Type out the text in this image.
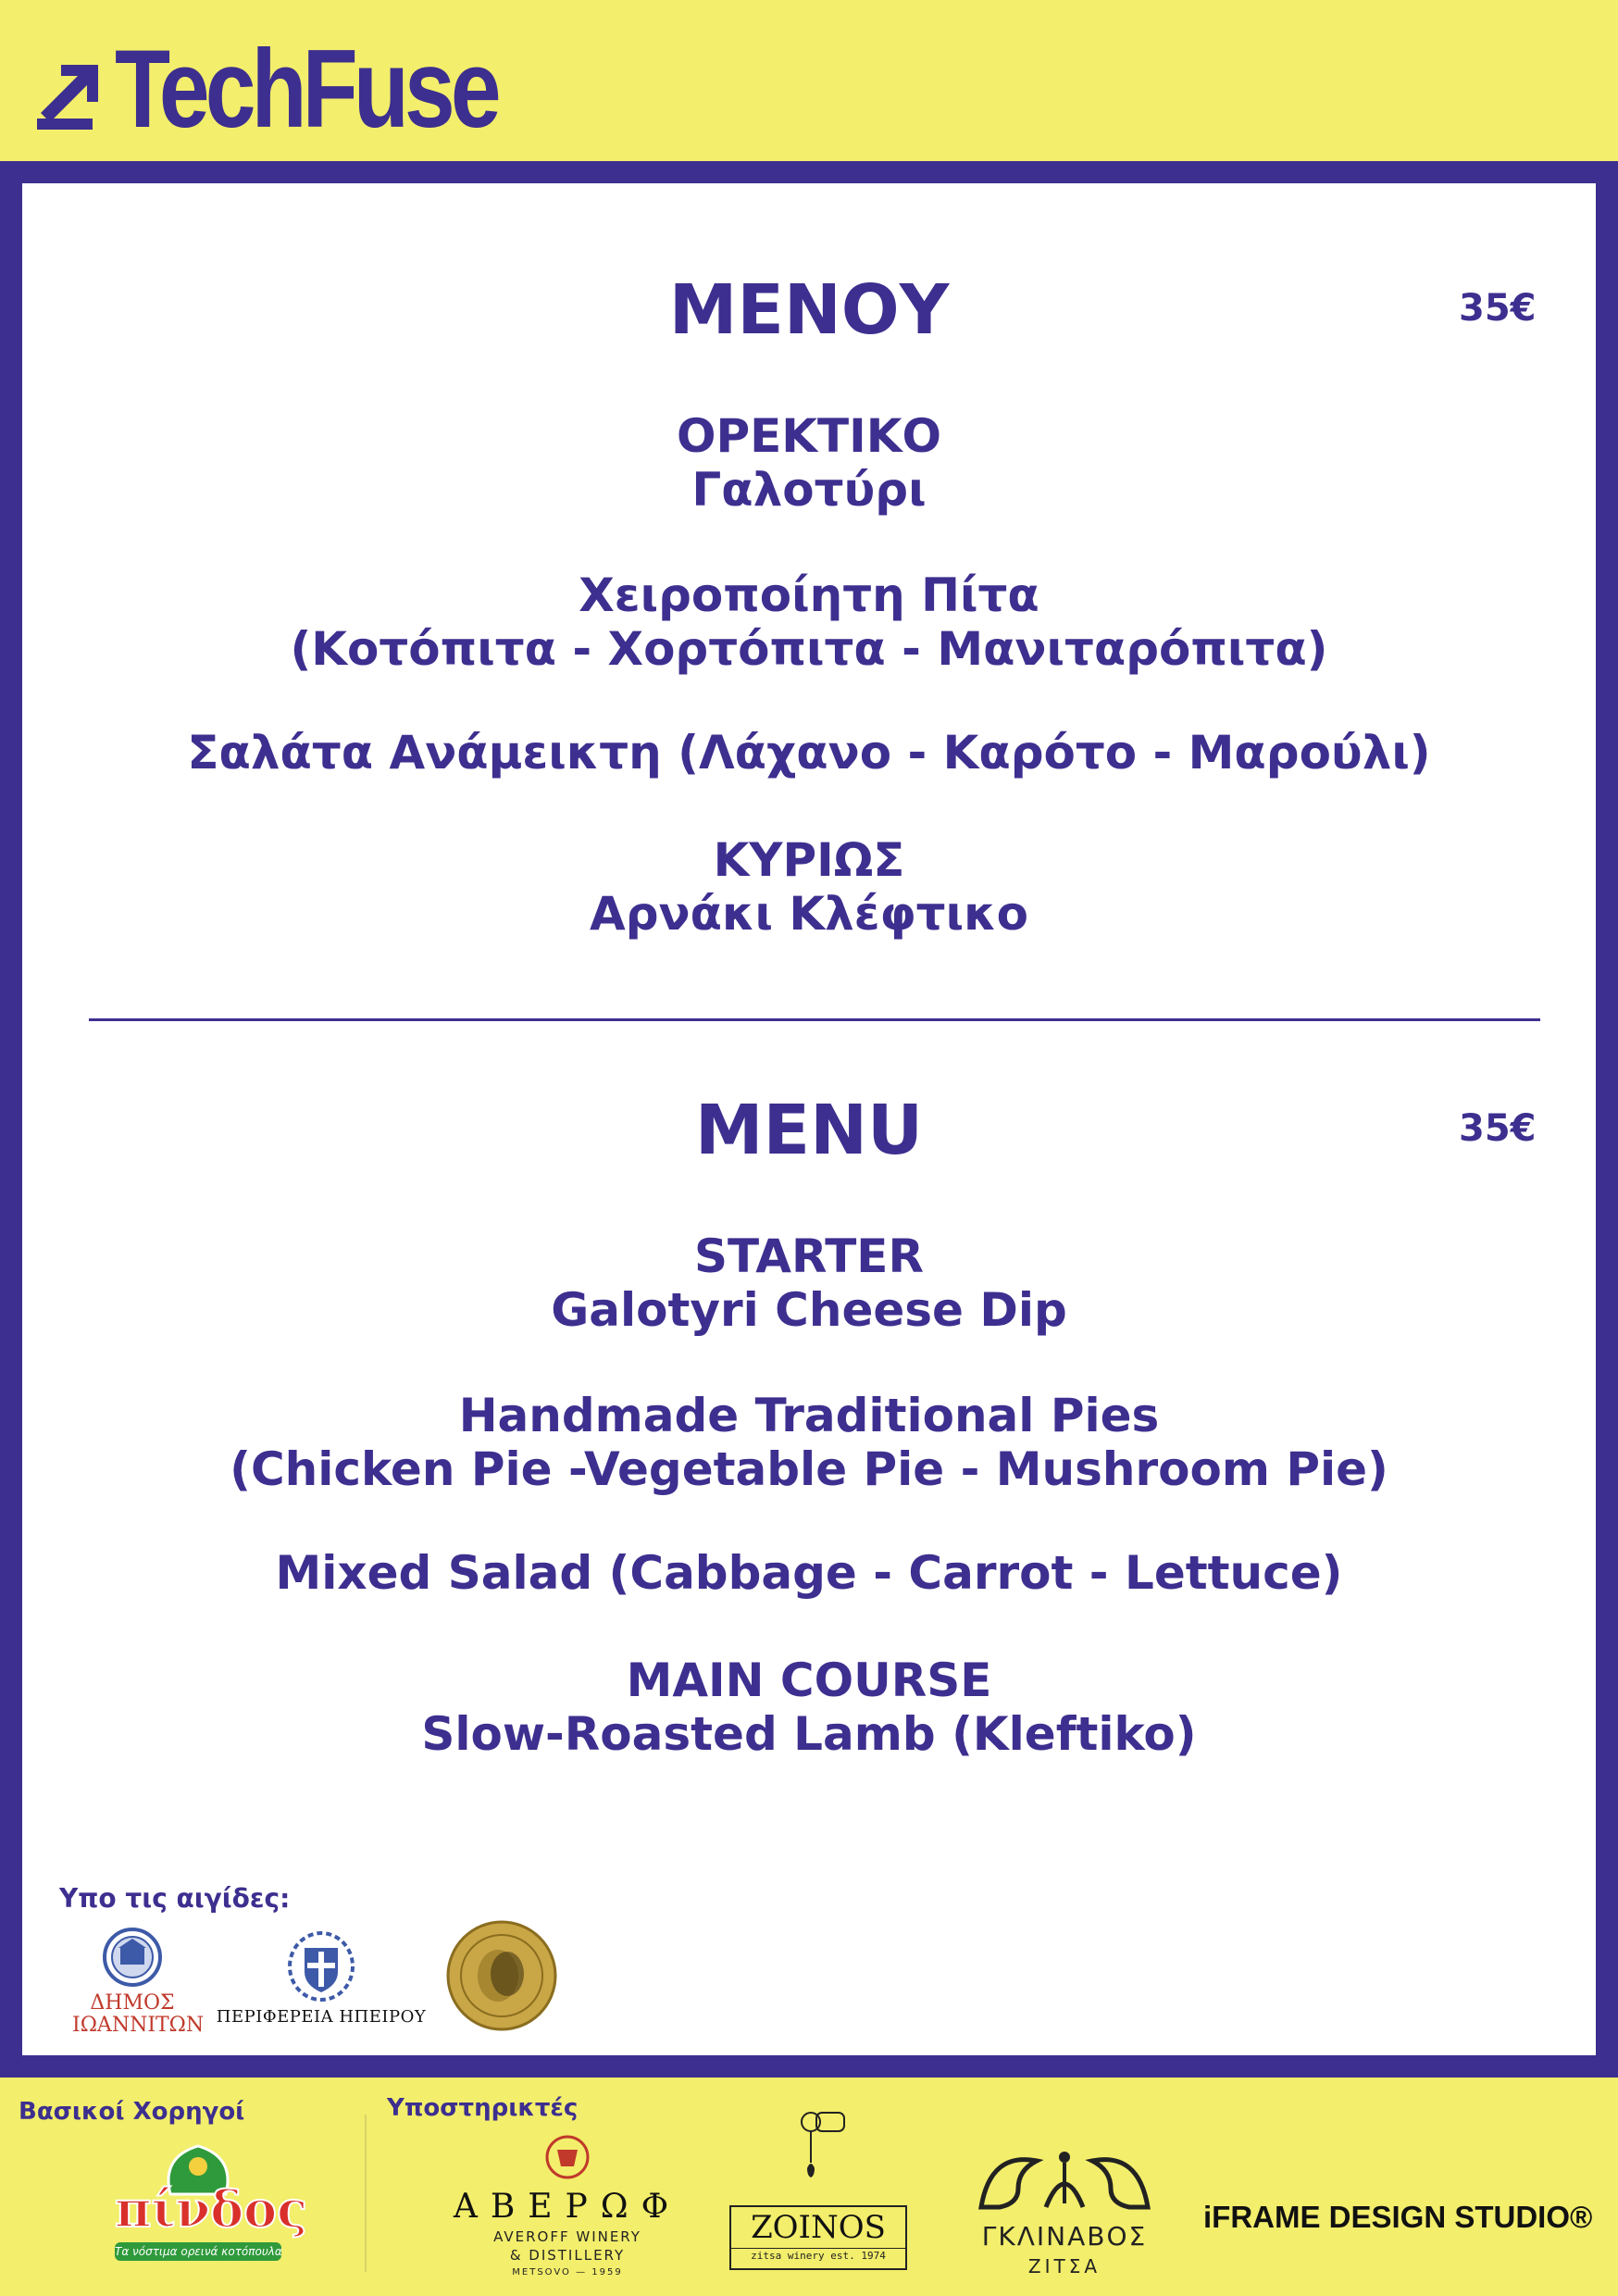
TechFuse
ΜΕΝΟΥ	35€
ΟΡΕΚΤΙΚΟ
Γαλοτύρι
Χειροποίητη Πίτα
(Κοτόπιτα - Χορτόπιτα - Μανιταρόπιτα)
Σαλάτα Ανάμεικτη (Λάχανο - Καρότο - Μαρούλι)
ΚΥΡΙΩΣ
Αρνάκι Κλέφτικο
MENU	35€
STARTER
Galotyri Cheese Dip
Handmade Traditional Pies
(Chicken Pie -Vegetable Pie - Mushroom Pie)
Mixed Salad (Cabbage - Carrot - Lettuce)
MAIN COURSE
Slow-Roasted Lamb (Kleftiko)
Υπο τις αιγίδες:
ΔΗΜΟΣ
ΙΩΑΝΝΙΤΩΝ ΠΕΡΙΦΕΡΕΙΑ ΗΠΕΙΡΟΥ
Βασικοί Χορηγοί	Υποστηρικτές
πίνδος
Τα νόστιμα ορεινά κοτόπουλα
ΑΒΕΡΩΦ
AVEROFF WINERY
& DISTILLERY
METSOVO — 1959
ZOINOS
zitsa winery est. 1974
ΓΚΛΙΝΑΒΟΣ
ΖΙΤΣΑ
iFRAME DESIGN STUDIO®
